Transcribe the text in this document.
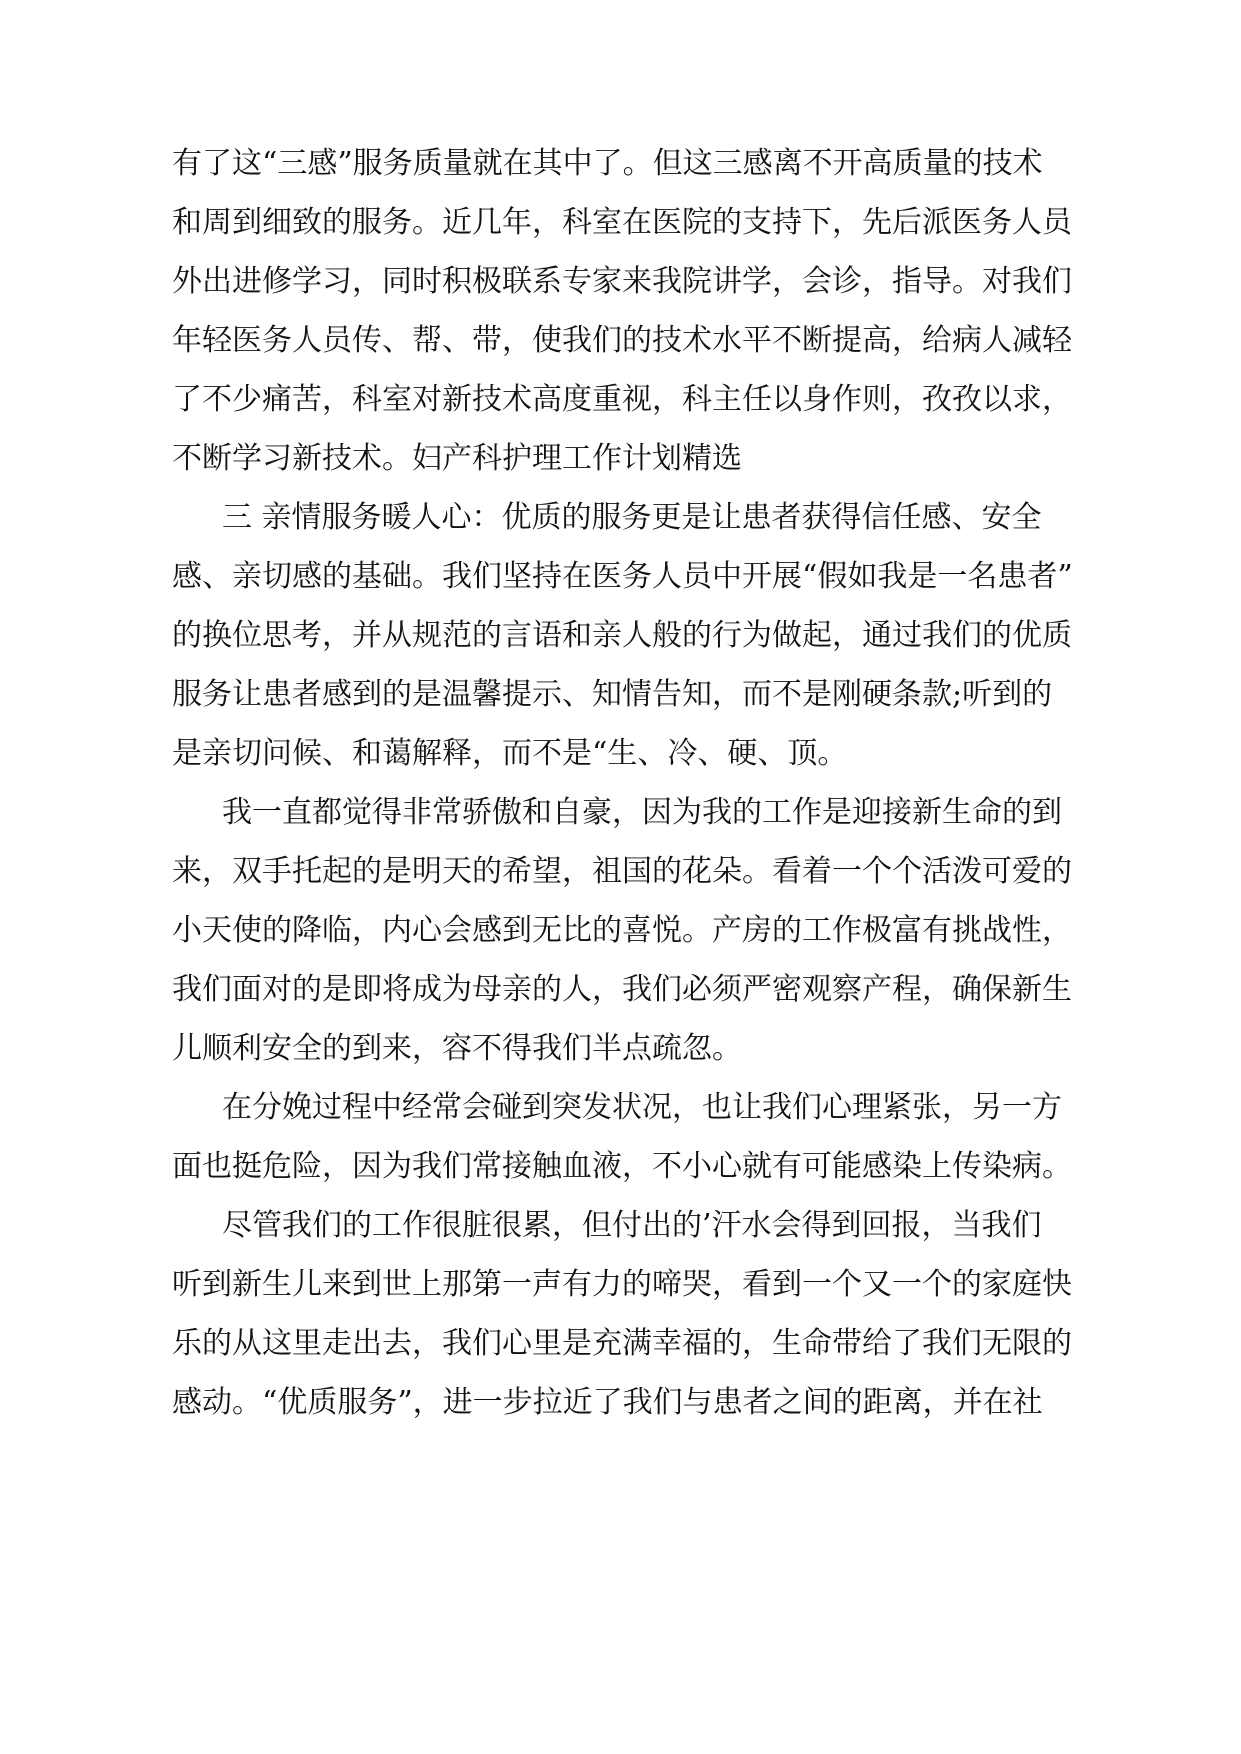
有了这“三感”服务质量就在其中了。但这三感离不开高质量的技术
和周到细致的服务。近几年，科室在医院的支持下，先后派医务人员
外出进修学习，同时积极联系专家来我院讲学，会诊，指导。对我们
年轻医务人员传、帮、带，使我们的技术水平不断提高，给病人减轻
了不少痛苦，科室对新技术高度重视，科主任以身作则，孜孜以求，
不断学习新技术。妇产科护理工作计划精选
三 亲情服务暖人心：优质的服务更是让患者获得信任感、安全
感、亲切感的基础。我们坚持在医务人员中开展“假如我是一名患者”
的换位思考，并从规范的言语和亲人般的行为做起，通过我们的优质
服务让患者感到的是温馨提示、知情告知，而不是刚硬条款;听到的
是亲切问候、和蔼解释，而不是“生、冷、硬、顶。
我一直都觉得非常骄傲和自豪，因为我的工作是迎接新生命的到
来，双手托起的是明天的希望，祖国的花朵。看着一个个活泼可爱的
小天使的降临，内心会感到无比的喜悦。产房的工作极富有挑战性，
我们面对的是即将成为母亲的人，我们必须严密观察产程，确保新生
儿顺利安全的到来，容不得我们半点疏忽。
在分娩过程中经常会碰到突发状况，也让我们心理紧张，另一方
面也挺危险，因为我们常接触血液，不小心就有可能感染上传染病。
尽管我们的工作很脏很累，但付出的’汗水会得到回报，当我们
听到新生儿来到世上那第一声有力的啼哭，看到一个又一个的家庭快
乐的从这里走出去，我们心里是充满幸福的，生命带给了我们无限的
感动。“优质服务”，进一步拉近了我们与患者之间的距离，并在社
